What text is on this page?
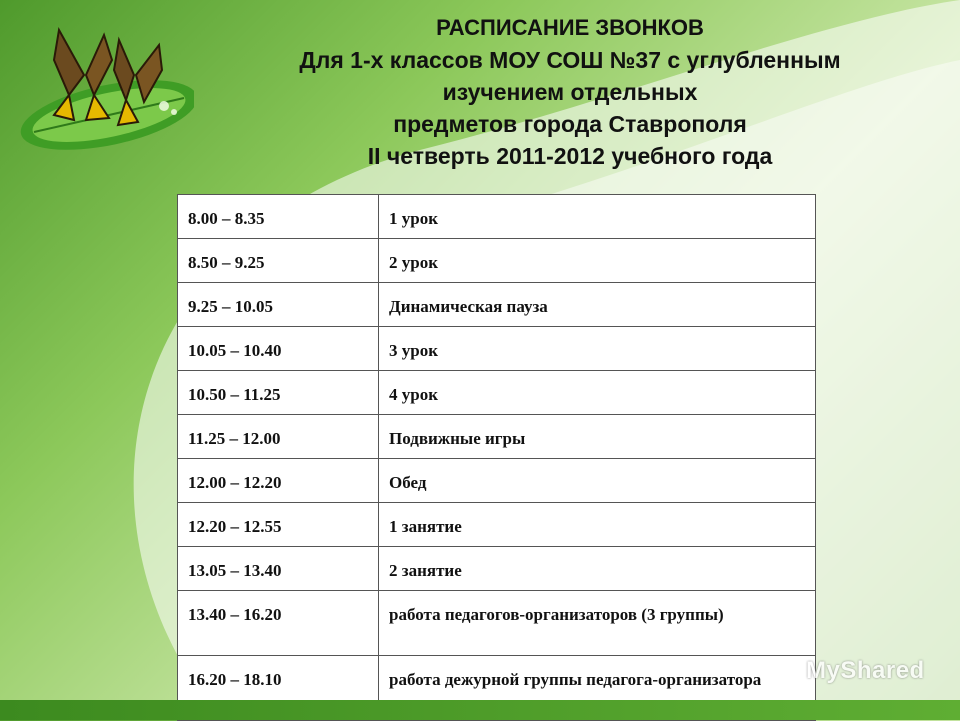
РАСПИСАНИЕ ЗВОНКОВ
Для 1-х классов МОУ СОШ №37 с углубленным
изучением отдельных
предметов города Ставрополя
II четверть 2011-2012 учебного года
8.00 – 8.35	1 урок
8.50 – 9.25	2 урок
9.25 – 10.05	Динамическая пауза
10.05 – 10.40	3 урок
10.50 – 11.25	4 урок
11.25 – 12.00	Подвижные игры
12.00 – 12.20	Обед
12.20 – 12.55	1 занятие
13.05 – 13.40	2 занятие
13.40 – 16.20	работа педагогов-организаторов (3 группы)
16.20 – 18.10	работа дежурной группы педагога-организатора MyShared
